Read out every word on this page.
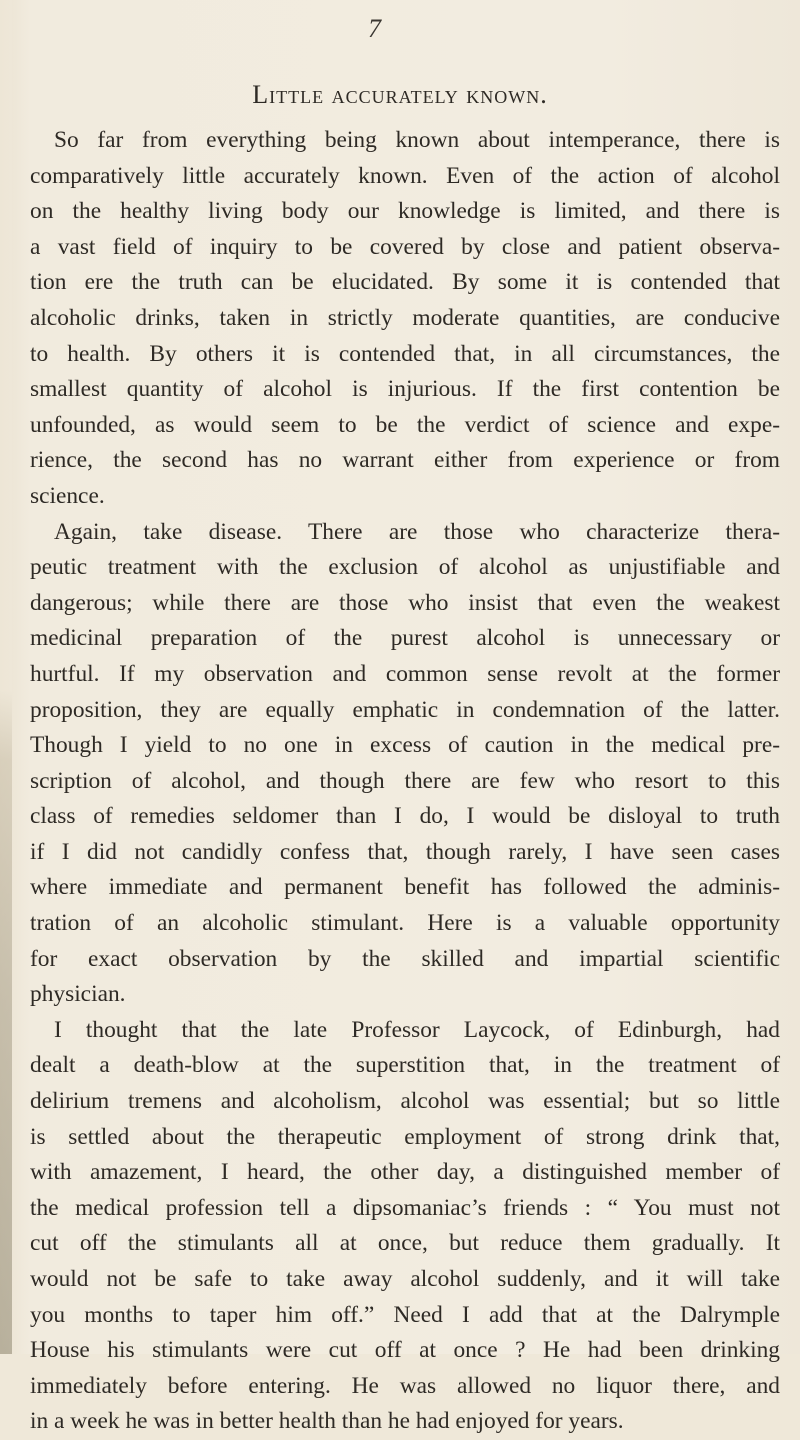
7
Little accurately known.
So far from everything being known about intemperance, there is
comparatively little accurately known. Even of the action of alcohol
on the healthy living body our knowledge is limited, and there is
a vast field of inquiry to be covered by close and patient observa-
tion ere the truth can be elucidated. By some it is contended that
alcoholic drinks, taken in strictly moderate quantities, are conducive
to health. By others it is contended that, in all circumstances, the
smallest quantity of alcohol is injurious. If the first contention be
unfounded, as would seem to be the verdict of science and expe-
rience, the second has no warrant either from experience or from
science.
Again, take disease. There are those who characterize thera-
peutic treatment with the exclusion of alcohol as unjustifiable and
dangerous; while there are those who insist that even the weakest
medicinal preparation of the purest alcohol is unnecessary or
hurtful. If my observation and common sense revolt at the former
proposition, they are equally emphatic in condemnation of the latter.
Though I yield to no one in excess of caution in the medical pre-
scription of alcohol, and though there are few who resort to this
class of remedies seldomer than I do, I would be disloyal to truth
if I did not candidly confess that, though rarely, I have seen cases
where immediate and permanent benefit has followed the adminis-
tration of an alcoholic stimulant. Here is a valuable opportunity
for exact observation by the skilled and impartial scientific
physician.
I thought that the late Professor Laycock, of Edinburgh, had
dealt a death-blow at the superstition that, in the treatment of
delirium tremens and alcoholism, alcohol was essential; but so little
is settled about the therapeutic employment of strong drink that,
with amazement, I heard, the other day, a distinguished member of
the medical profession tell a dipsomaniac’s friends : “ You must not
cut off the stimulants all at once, but reduce them gradually. It
would not be safe to take away alcohol suddenly, and it will take
you months to taper him off.” Need I add that at the Dalrymple
House his stimulants were cut off at once ? He had been drinking
immediately before entering. He was allowed no liquor there, and
in a week he was in better health than he had enjoyed for years.
